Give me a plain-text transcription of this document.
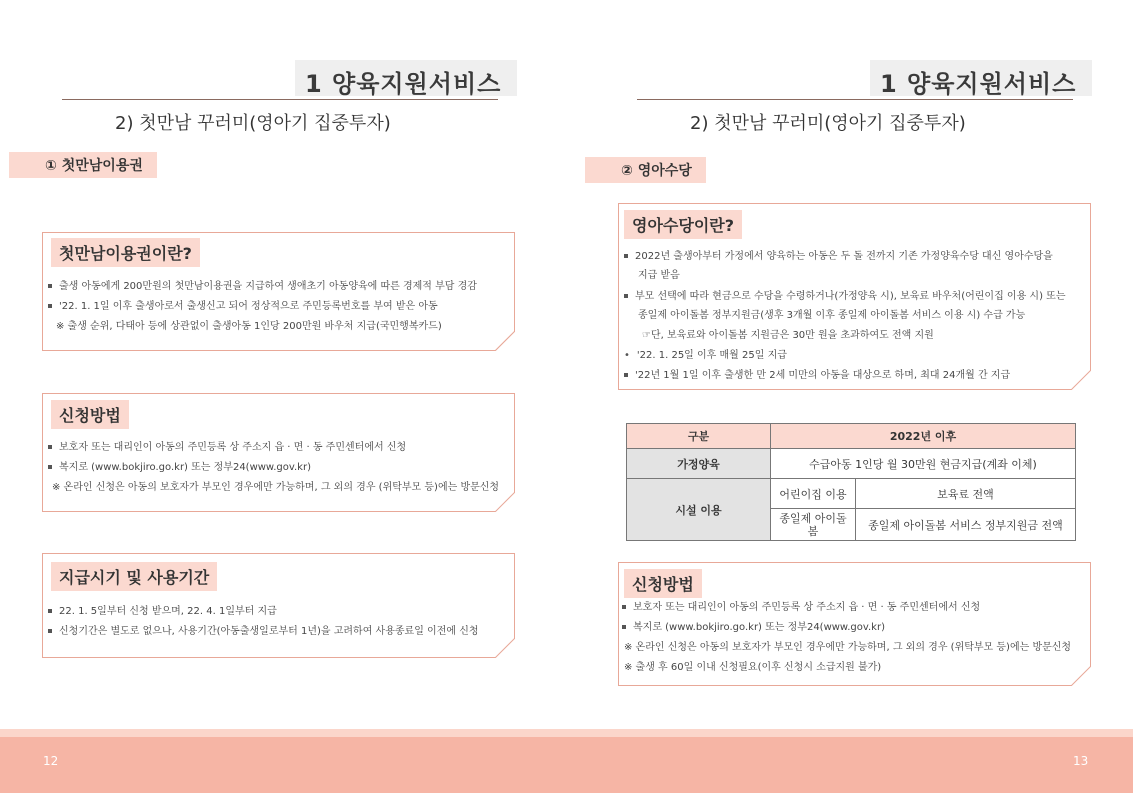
1 양육지원서비스
2) 첫만남 꾸러미(영아기 집중투자)
① 첫만남이용권
첫만남이용권이란?
출생 아동에게 200만원의 첫만남이용권을 지급하여 생애초기 아동양육에 따른 경제적 부담 경감
'22. 1. 1일 이후 출생아로서 출생신고 되어 정상적으로 주민등록번호를 부여 받은 아동
※ 출생 순위, 다태아 등에 상관없이 출생아동 1인당 200만원 바우처 지급(국민행복카드)
신청방법
보호자 또는 대리인이 아동의 주민등록 상 주소지 읍 · 면 · 동 주민센터에서 신청
복지로 (www.bokjiro.go.kr) 또는 정부24(www.gov.kr)
※ 온라인 신청은 아동의 보호자가 부모인 경우에만 가능하며, 그 외의 경우 (위탁부모 등)에는 방문신청
지급시기 및 사용기간
22. 1. 5일부터 신청 받으며, 22. 4. 1일부터 지급
신청기간은 별도로 없으나, 사용기간(아동출생일로부터 1년)을 고려하여 사용종료일 이전에 신청
1 양육지원서비스
2) 첫만남 꾸러미(영아기 집중투자)
② 영아수당
영아수당이란?
2022년 출생아부터 가정에서 양육하는 아동은 두 돌 전까지 기존 가정양육수당 대신 영아수당을
지급 받음
부모 선택에 따라 현금으로 수당을 수령하거나(가정양육 시), 보육료 바우처(어린이집 이용 시) 또는
종일제 아이돌봄 정부지원금(생후 3개월 이후 종일제 아이돌봄 서비스 이용 시) 수급 가능
☞단, 보육료와 아이돌봄 지원금은 30만 원을 초과하여도 전액 지원
• '22. 1. 25일 이후 매월 25일 지급
'22년 1월 1일 이후 출생한 만 2세 미만의 아동을 대상으로 하며, 최대 24개월 간 지급
구분	2022년 이후	
가정양육	수급아동 1인당 월 30만원 현금지급(계좌 이체)	
시설 이용	어린이집 이용	보육료 전액
	종일제 아이돌봄	종일제 아이돌봄 서비스 정부지원금 전액
신청방법
보호자 또는 대리인이 아동의 주민등록 상 주소지 읍 · 면 · 동 주민센터에서 신청
복지로 (www.bokjiro.go.kr) 또는 정부24(www.gov.kr)
※ 온라인 신청은 아동의 보호자가 부모인 경우에만 가능하며, 그 외의 경우 (위탁부모 등)에는 방문신청
※ 출생 후 60일 이내 신청필요(이후 신청시 소급지원 불가)
12	13
